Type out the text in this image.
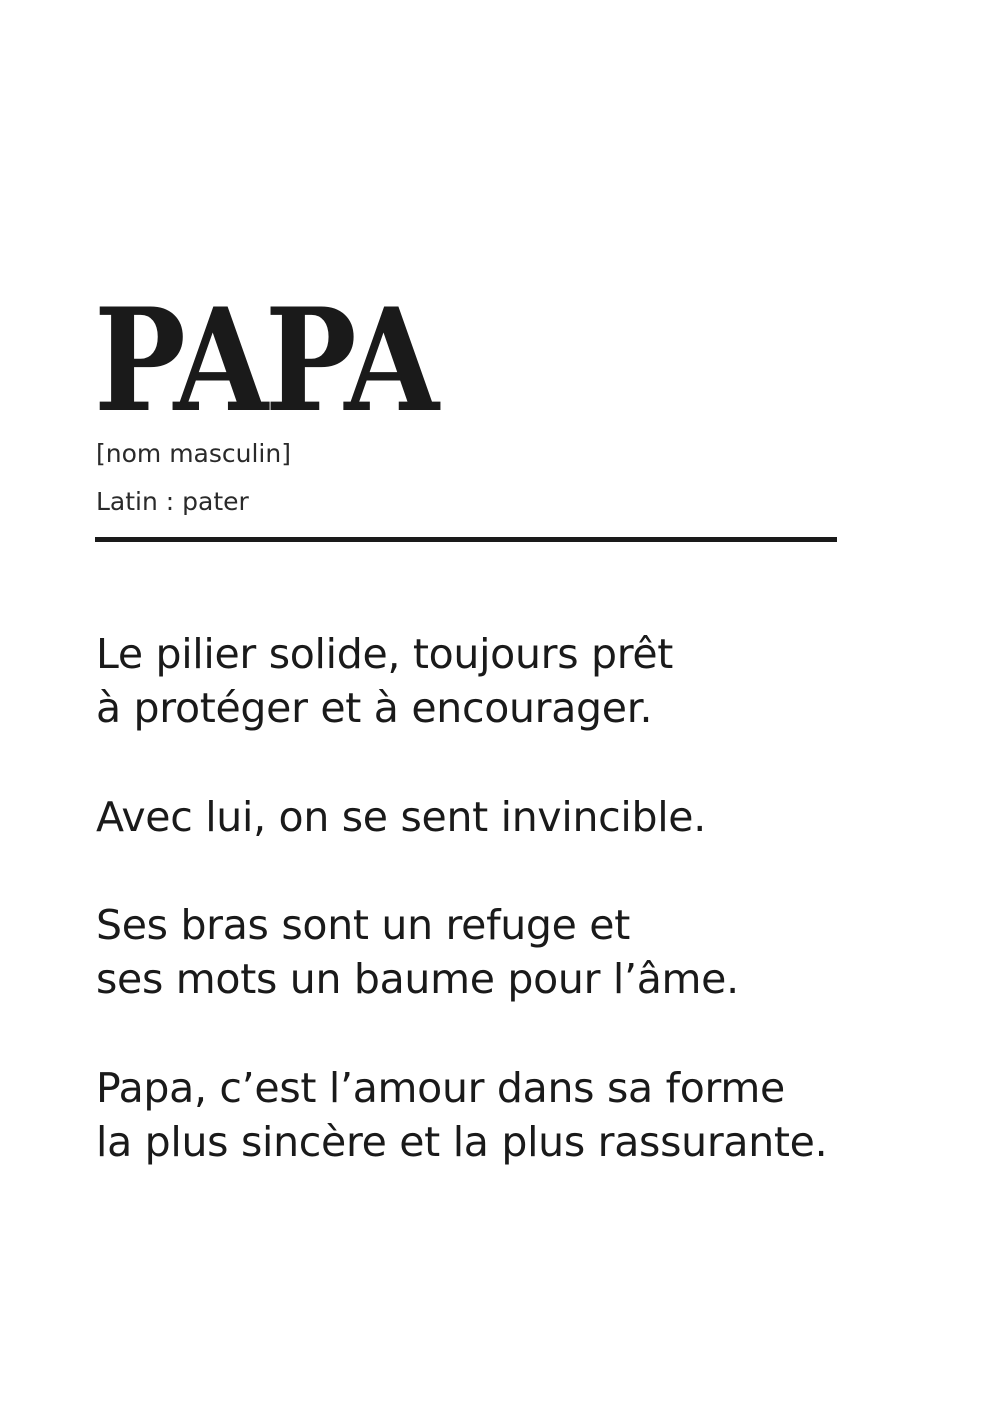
PAPA

[nom masculin]

Latin : pater

Le pilier solide, toujours prêt
à protéger et à encourager.

Avec lui, on se sent invincible.

Ses bras sont un refuge et
ses mots un baume pour l’âme.

Papa, c’est l’amour dans sa forme
la plus sincère et la plus rassurante.
